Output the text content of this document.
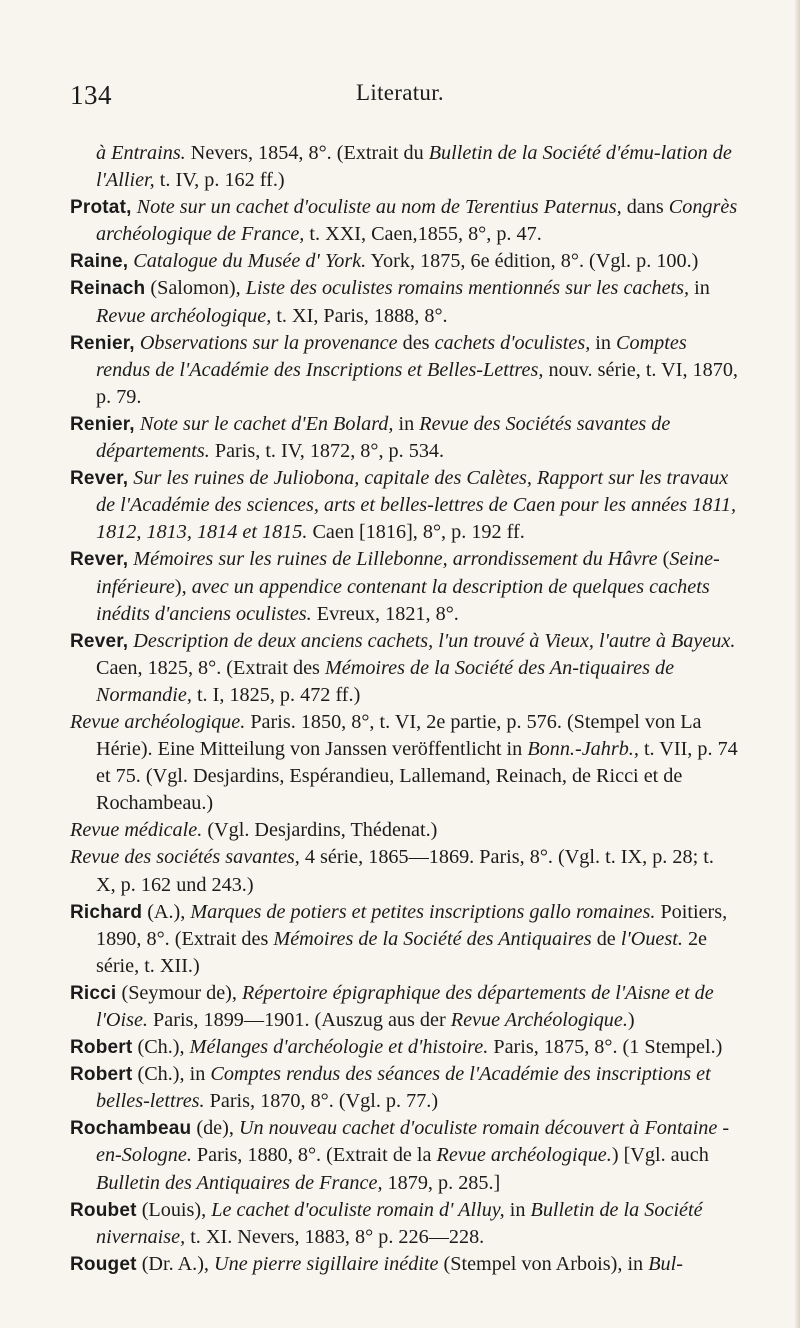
134	Literatur.

à Entrains. Nevers, 1854, 8°. (Extrait du Bulletin de la Société d'ému-lation de l'Allier, t. IV, p. 162 ff.)

Protat, Note sur un cachet d'oculiste au nom de Terentius Paternus, dans Congrès archéologique de France, t. XXI, Caen,1855, 8°, p. 47.

Raine, Catalogue du Musée d' York. York, 1875, 6e édition, 8°. (Vgl. p. 100.)

Reinach (Salomon), Liste des oculistes romains mentionnés sur les cachets, in Revue archéologique, t. XI, Paris, 1888, 8°.

Renier, Observations sur la provenance des cachets d'oculistes, in Comptes rendus de l'Académie des Inscriptions et Belles-Lettres, nouv. série, t. VI, 1870, p. 79.

Renier, Note sur le cachet d'En Bolard, in Revue des Sociétés savantes de départements. Paris, t. IV, 1872, 8°, p. 534.

Rever, Sur les ruines de Juliobona, capitale des Calètes, Rapport sur les travaux de l'Académie des sciences, arts et belles-lettres de Caen pour les années 1811, 1812, 1813, 1814 et 1815. Caen [1816], 8°, p. 192 ff.

Rever, Mémoires sur les ruines de Lillebonne, arrondissement du Hâvre (Seine-inférieure), avec un appendice contenant la description de quelques cachets inédits d'anciens oculistes. Evreux, 1821, 8°.

Rever, Description de deux anciens cachets, l'un trouvé à Vieux, l'autre à Bayeux. Caen, 1825, 8°. (Extrait des Mémoires de la Société des An-tiquaires de Normandie, t. I, 1825, p. 472 ff.)

Revue archéologique. Paris. 1850, 8°, t. VI, 2e partie, p. 576. (Stempel von La Hérie). Eine Mitteilung von Janssen veröffentlicht in Bonn.-Jahrb., t. VII, p. 74 et 75. (Vgl. Desjardins, Espérandieu, Lallemand, Reinach, de Ricci et de Rochambeau.)

Revue médicale. (Vgl. Desjardins, Thédenat.)

Revue des sociétés savantes, 4 série, 1865—1869. Paris, 8°. (Vgl. t. IX, p. 28; t. X, p. 162 und 243.)

Richard (A.), Marques de potiers et petites inscriptions gallo romaines. Poitiers, 1890, 8°. (Extrait des Mémoires de la Société des Antiquaires de l'Ouest. 2e série, t. XII.)

Ricci (Seymour de), Répertoire épigraphique des départements de l'Aisne et de l'Oise. Paris, 1899—1901. (Auszug aus der Revue Archéologique.)

Robert (Ch.), Mélanges d'archéologie et d'histoire. Paris, 1875, 8°. (1 Stempel.)

Robert (Ch.), in Comptes rendus des séances de l'Académie des inscriptions et belles-lettres. Paris, 1870, 8°. (Vgl. p. 77.)

Rochambeau (de), Un nouveau cachet d'oculiste romain découvert à Fontaine -en-Sologne. Paris, 1880, 8°. (Extrait de la Revue archéologique.) [Vgl. auch Bulletin des Antiquaires de France, 1879, p. 285.]

Roubet (Louis), Le cachet d'oculiste romain d' Alluy, in Bulletin de la Société nivernaise, t. XI. Nevers, 1883, 8° p. 226—228.

Rouget (Dr. A.), Une pierre sigillaire inédite (Stempel von Arbois), in Bul-
